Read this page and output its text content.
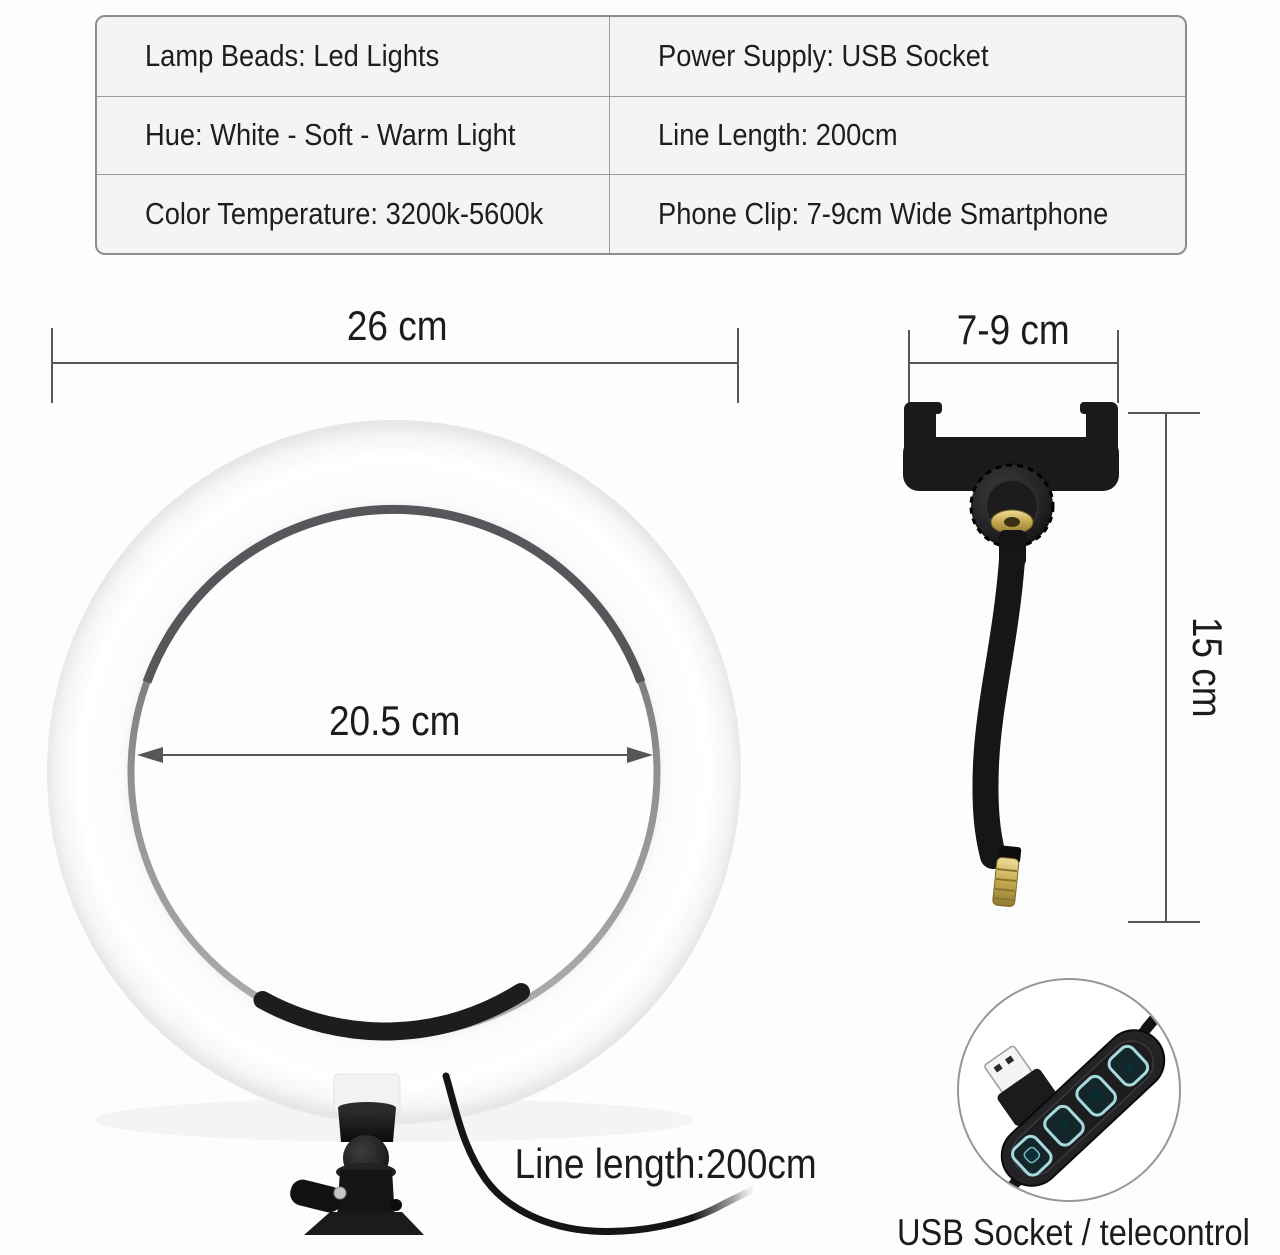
Lamp Beads: Led Lights	Power Supply: USB Socket
Hue: White - Soft - Warm Light	Line Length: 200cm
Color Temperature: 3200k-5600k	Phone Clip: 7-9cm Wide Smartphone
26 cm	7-9 cm
20.5 cm
15 cm
Line length:200cm
USB Socket / telecontrol
